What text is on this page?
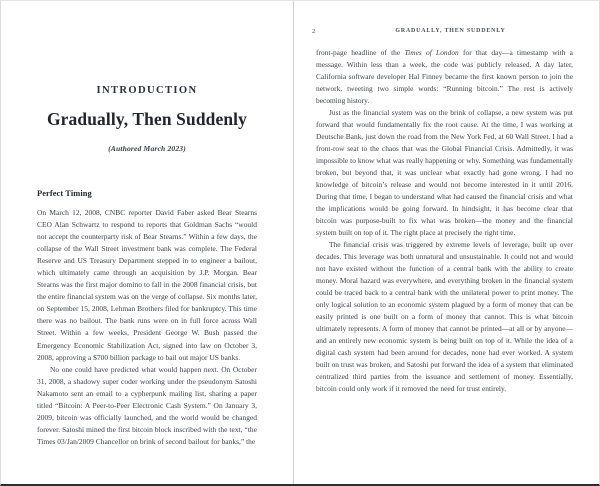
INTRODUCTION
Gradually, Then Suddenly
(Authored March 2023)
Perfect Timing

On March 12, 2008, CNBC reporter David Faber asked Bear Stearns CEO Alan Schwartz to respond to reports that Goldman Sachs “would not accept the counterparty risk of Bear Stearns.” Within a few days, the collapse of the Wall Street investment bank was complete. The Federal Reserve and US Treasury Department stepped in to engineer a bailout, which ultimately came through an acquisition by J.P. Morgan. Bear Stearns was the first major domino to fall in the 2008 financial crisis, but the entire financial system was on the verge of collapse. Six months later, on September 15, 2008, Lehman Brothers filed for bankruptcy. This time there was no bailout. The bank runs were on in full force across Wall Street. Within a few weeks, President George W. Bush passed the Emergency Economic Stabilization Act, signed into law on October 3, 2008, approving a $700 billion package to bail out major US banks.

No one could have predicted what would happen next. On October 31, 2008, a shadowy super coder working under the pseudonym Satoshi Nakamoto sent an email to a cypherpunk mailing list, sharing a paper titled “Bitcoin: A Peer-to-Peer Electronic Cash System.” On January 3, 2009, bitcoin was officially launched, and the world would be changed forever. Satoshi mined the first bitcoin block inscribed with the text, “the Times 03/Jan/2009 Chancellor on brink of second bailout for banks,” the

2	GRADUALLY, THEN SUDDENLY

front-page headline of the Times of London for that day—a timestamp with a message. Within less than a week, the code was publicly released. A day later, California software developer Hal Finney became the first known person to join the network, tweeting two simple words: “Running bitcoin.” The rest is actively becoming history.

Just as the financial system was on the brink of collapse, a new system was put forward that would fundamentally fix the root cause. At the time, I was working at Deutsche Bank, just down the road from the New York Fed, at 60 Wall Street. I had a front-row seat to the chaos that was the Global Financial Crisis. Admittedly, it was impossible to know what was really happening or why. Something was fundamentally broken, but beyond that, it was unclear what exactly had gone wrong. I had no knowledge of bitcoin’s release and would not become interested in it until 2016. During that time, I began to understand what had caused the financial crisis and what the implications would be going forward. In hindsight, it has become clear that bitcoin was purpose-built to fix what was broken—the money and the financial system built on top of it. The right place at precisely the right time.

The financial crisis was triggered by extreme levels of leverage, built up over decades. This leverage was both unnatural and unsustainable. It could not and would not have existed without the function of a central bank with the ability to create money. Moral hazard was everywhere, and everything broken in the financial system could be traced back to a central bank with the unilateral power to print money. The only logical solution to an economic system plagued by a form of money that can be easily printed is one built on a form of money that cannot. This is what bitcoin ultimately represents. A form of money that cannot be printed—at all or by anyone—and an entirely new economic system is being built on top of it. While the idea of a digital cash system had been around for decades, none had ever worked. A system built on trust was broken, and Satoshi put forward the idea of a system that eliminated centralized third parties from the issuance and settlement of money. Essentially, bitcoin could only work if it removed the need for trust entirely.
